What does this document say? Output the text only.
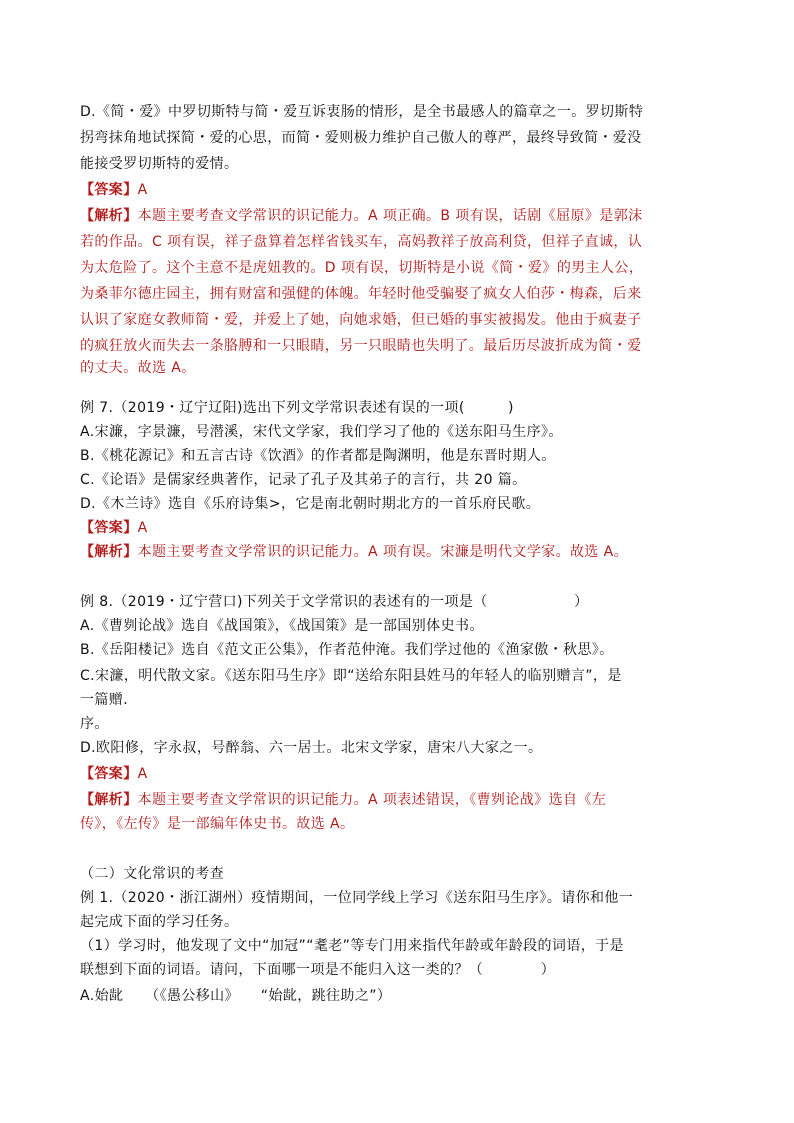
D.《简・爱》中罗切斯特与简・爱互诉衷肠的情形，是全书最感人的篇章之一。罗切斯特
拐弯抹角地试探简・爱的心思，而简・爱则极力维护自己傲人的尊严，最终导致简・爱没
能接受罗切斯特的爱情。
【答案】A
【解析】本题主要考查文学常识的识记能力。A 项正确。B 项有误，话剧《屈原》是郭沫
若的作品。C 项有误，祥子盘算着怎样省钱买车，高妈教祥子放高利贷，但祥子直诚，认
为太危险了。这个主意不是虎妞教的。D 项有误，切斯特是小说《简・爱》的男主人公，
为桑菲尔德庄园主，拥有财富和强健的体魄。年轻时他受骗娶了疯女人伯莎・梅森，后来
认识了家庭女教师简・爱，并爱上了她，向她求婚，但已婚的事实被揭发。他由于疯妻子
的疯狂放火而失去一条胳膊和一只眼睛，另一只眼睛也失明了。最后历尽波折成为简・爱
的丈夫。故选 A。
例 7.（2019・辽宁辽阳)选出下列文学常识表述有误的一项(　　　)
A.宋濂，字景濂，号潜溪，宋代文学家，我们学习了他的《送东阳马生序》。
B.《桃花源记》和五言古诗《饮酒》的作者都是陶渊明，他是东晋时期人。
C.《论语》是儒家经典著作，记录了孔子及其弟子的言行，共 20 篇。
D.《木兰诗》选自《乐府诗集>，它是南北朝时期北方的一首乐府民歌。
【答案】A
【解析】本题主要考查文学常识的识记能力。A 项有误。宋濂是明代文学家。故选 A。
例 8.（2019・辽宁营口)下列关于文学常识的表述有的一项是（　　　　　　）
A.《曹刿论战》选自《战国策》，《战国策》是一部国别体史书。
B.《岳阳楼记》选自《范文正公集》，作者范仲淹。我们学过他的《渔家傲・秋思》。
C.宋濂，明代散文家。《送东阳马生序》即“送给东阳县姓马的年轻人的临别赠言”，是
一篇赠.
序。
D.欧阳修，字永叔，号醉翁、六一居士。北宋文学家，唐宋八大家之一。
【答案】A
【解析】本题主要考查文学常识的识记能力。A 项表述错误，《曹刿论战》选自《左
传》，《左传》是一部编年体史书。故选 A。
（二）文化常识的考查
例 1.（2020・浙江湖州）疫情期间，一位同学线上学习《送东阳马生序》。请你和他一
起完成下面的学习任务。
（1）学习时，他发现了文中“加冠”“耄老”等专门用来指代年龄或年龄段的词语，于是
联想到下面的词语。请问，下面哪一项是不能归入这一类的？（　　　　）
A.始龀　　（《愚公移山》　　“始龀，跳往助之”）
